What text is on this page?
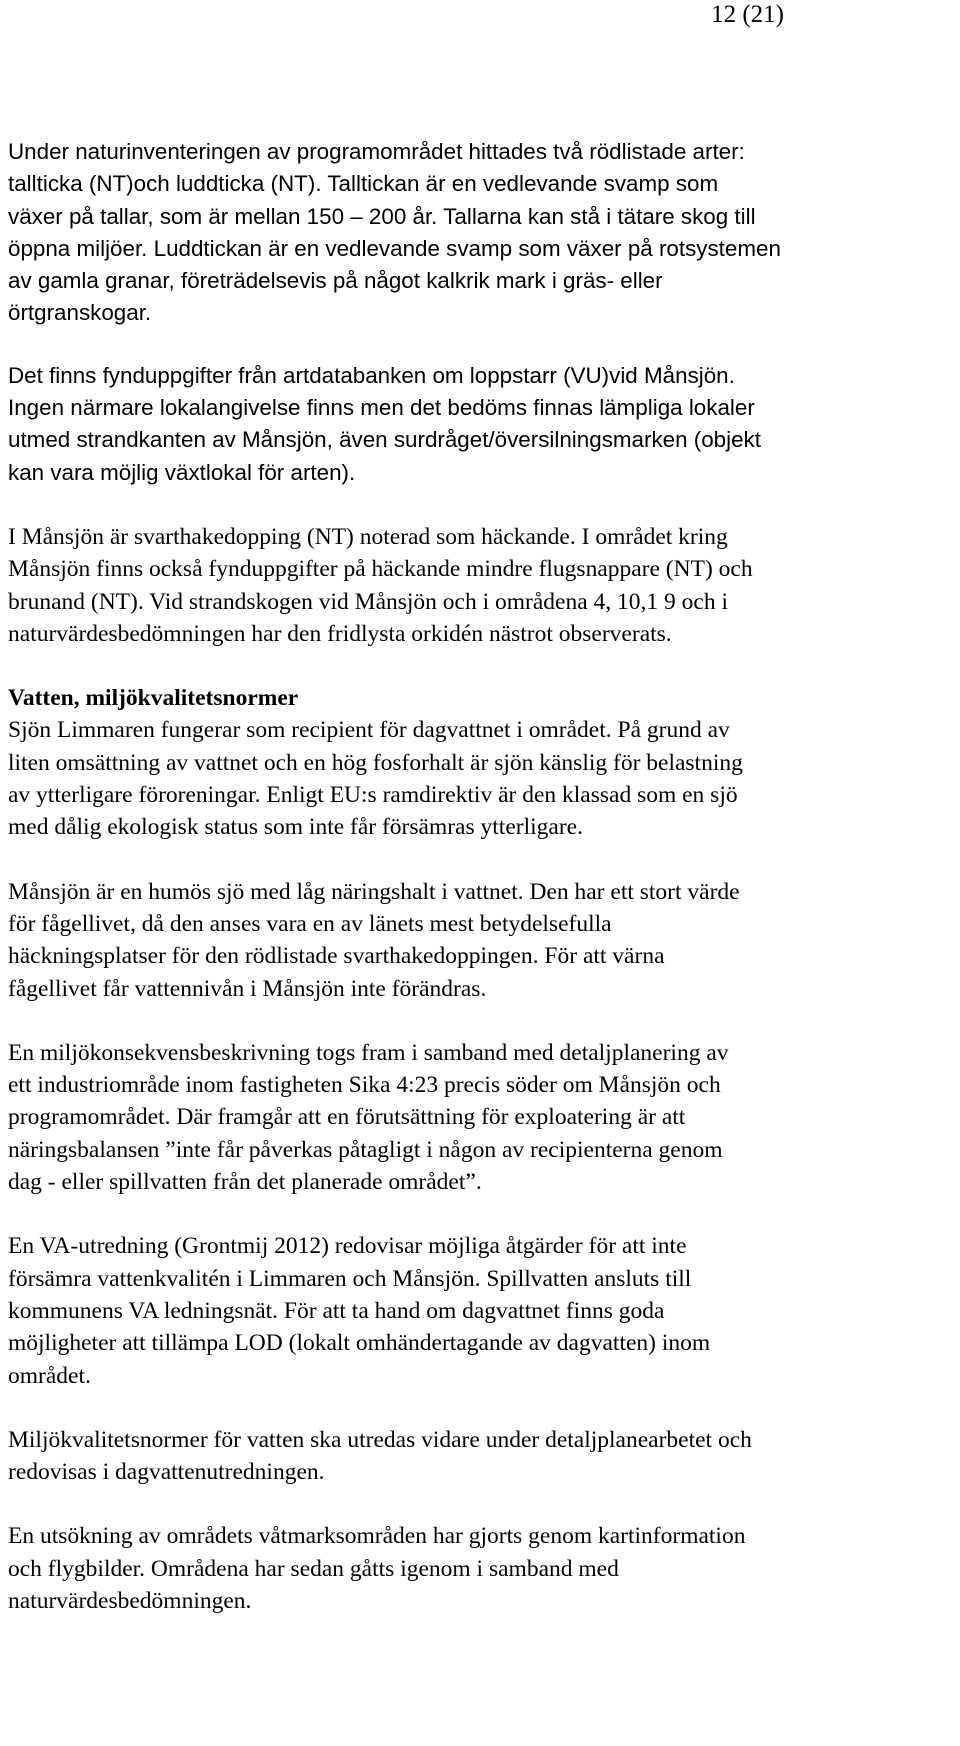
12 (21)

Under naturinventeringen av programområdet hittades två rödlistade arter:
tallticka (NT)och luddticka (NT). Talltickan är en vedlevande svamp som
växer på tallar, som är mellan 150 – 200 år. Tallarna kan stå i tätare skog till
öppna miljöer. Luddtickan är en vedlevande svamp som växer på rotsystemen
av gamla granar, företrädelsevis på något kalkrik mark i gräs- eller
örtgranskogar.

Det finns fynduppgifter från artdatabanken om loppstarr (VU)vid Månsjön.
Ingen närmare lokalangivelse finns men det bedöms finnas lämpliga lokaler
utmed strandkanten av Månsjön, även surdråget/översilningsmarken (objekt
kan vara möjlig växtlokal för arten).

I Månsjön är svarthakedopping (NT) noterad som häckande. I området kring
Månsjön finns också fynduppgifter på häckande mindre flugsnappare (NT) och
brunand (NT). Vid strandskogen vid Månsjön och i områdena 4, 10,1 9 och i
naturvärdesbedömningen har den fridlysta orkidén nästrot observerats.

Vatten, miljökvalitetsnormer
Sjön Limmaren fungerar som recipient för dagvattnet i området. På grund av
liten omsättning av vattnet och en hög fosforhalt är sjön känslig för belastning
av ytterligare föroreningar. Enligt EU:s ramdirektiv är den klassad som en sjö
med dålig ekologisk status som inte får försämras ytterligare.

Månsjön är en humös sjö med låg näringshalt i vattnet. Den har ett stort värde
för fågellivet, då den anses vara en av länets mest betydelsefulla
häckningsplatser för den rödlistade svarthakedoppingen. För att värna
fågellivet får vattennivån i Månsjön inte förändras.

En miljökonsekvensbeskrivning togs fram i samband med detaljplanering av
ett industriområde inom fastigheten Sika 4:23 precis söder om Månsjön och
programområdet. Där framgår att en förutsättning för exploatering är att
näringsbalansen ”inte får påverkas påtagligt i någon av recipienterna genom
dag - eller spillvatten från det planerade området”.

En VA-utredning (Grontmij 2012) redovisar möjliga åtgärder för att inte
försämra vattenkvalitén i Limmaren och Månsjön. Spillvatten ansluts till
kommunens VA ledningsnät. För att ta hand om dagvattnet finns goda
möjligheter att tillämpa LOD (lokalt omhändertagande av dagvatten) inom
området.

Miljökvalitetsnormer för vatten ska utredas vidare under detaljplanearbetet och
redovisas i dagvattenutredningen.

En utsökning av områdets våtmarksområden har gjorts genom kartinformation
och flygbilder. Områdena har sedan gåtts igenom i samband med
naturvärdesbedömningen.
